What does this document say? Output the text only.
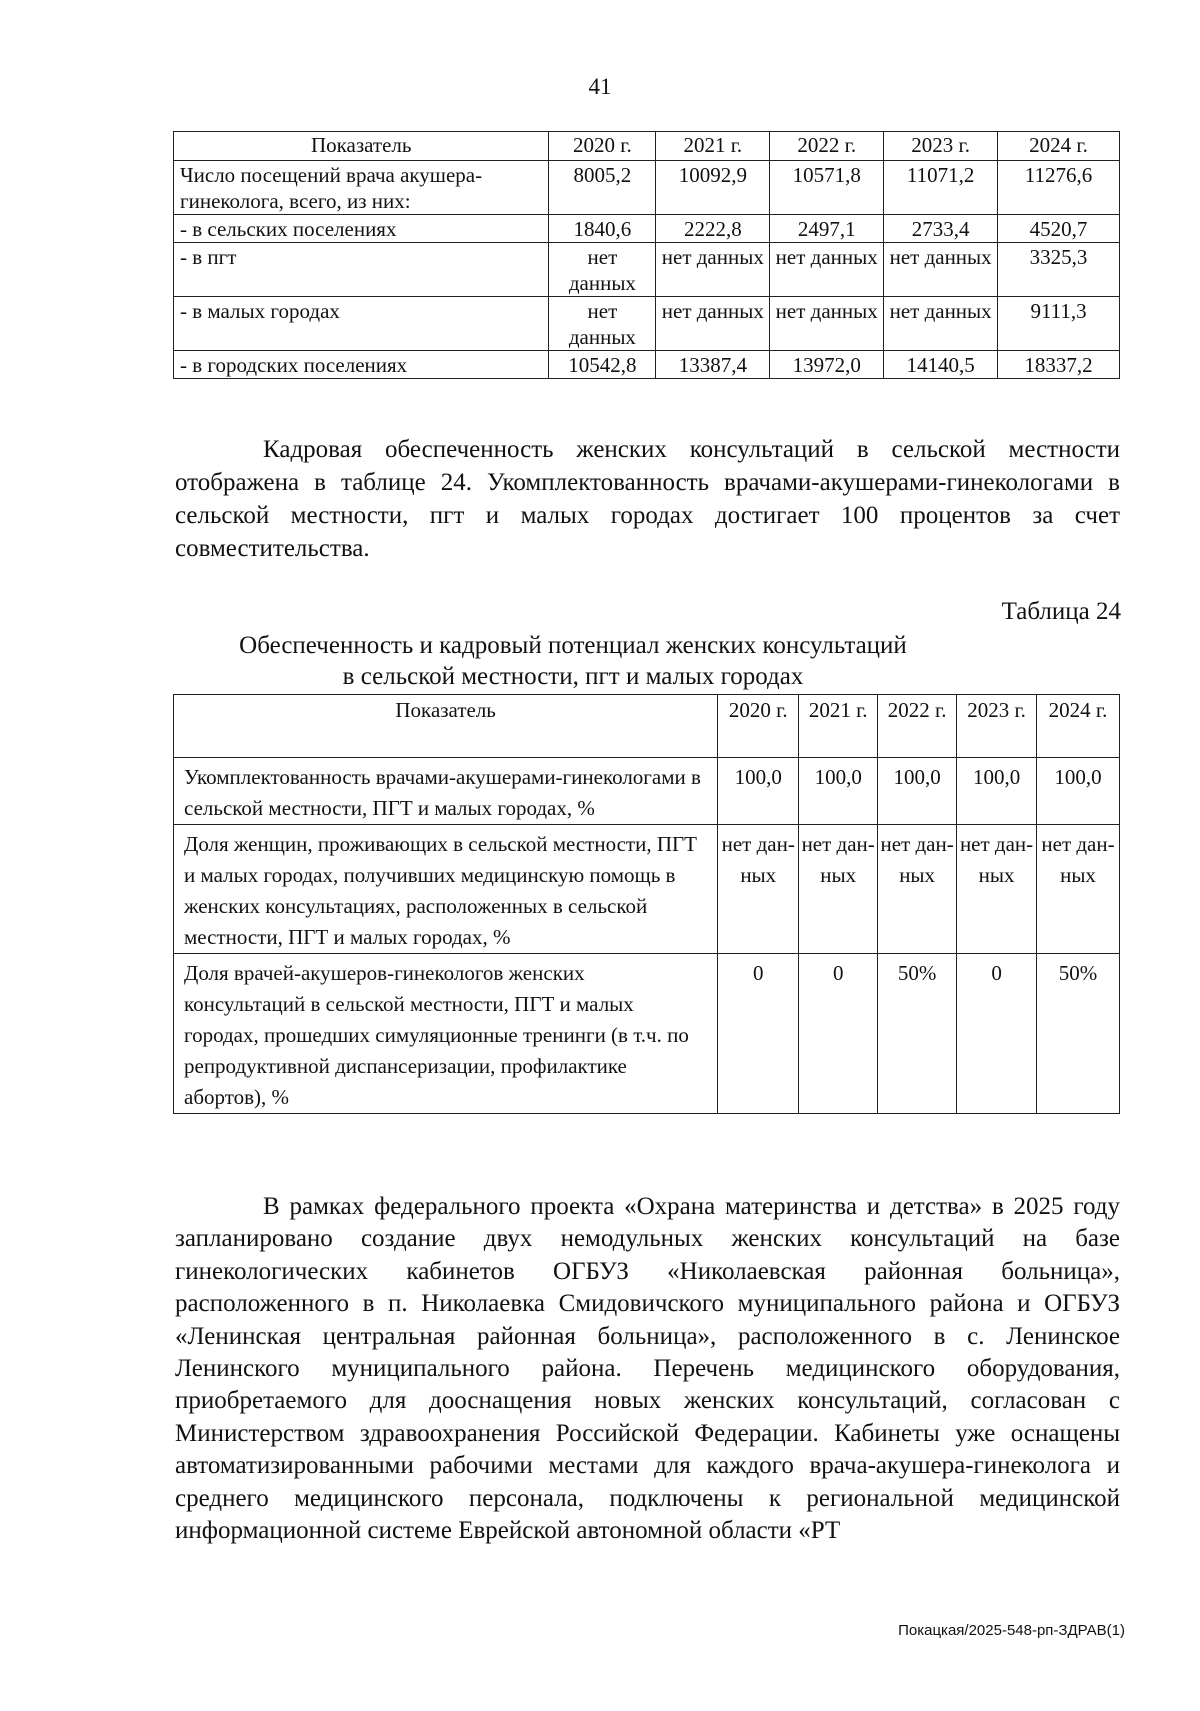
41
Показатель	2020 г.	2021 г.	2022 г.	2023 г.	2024 г.
Число посещений врача акушера-гинеколога, всего, из них:	8005,2	10092,9	10571,8	11071,2	11276,6
- в сельских поселениях	1840,6	2222,8	2497,1	2733,4	4520,7
- в пгт	нет данных	нет данных	нет данных	нет данных	3325,3
- в малых городах	нет данных	нет данных	нет данных	нет данных	9111,3
- в городских поселениях	10542,8	13387,4	13972,0	14140,5	18337,2

Кадровая обеспеченность женских консультаций в сельской местности отображена в таблице 24. Укомплектованность врачами-акушерами-гинекологами в сельской местности, пгт и малых городах достигает 100 процентов за счет совместительства.

Таблица 24
Обеспеченность и кадровый потенциал женских консультаций
в сельской местности, пгт и малых городах
Показатель	2020 г.	2021 г.	2022 г.	2023 г.	2024 г.
Укомплектованность врачами-акушерами-гинекологами в сельской местности, ПГТ и малых городах, %	100,0	100,0	100,0	100,0	100,0
Доля женщин, проживающих в сельской местности, ПГТ и малых городах, получивших медицинскую помощь в женских консультациях, расположенных в сельской местности, ПГТ и малых городах, %	нет дан-ных	нет дан-ных	нет дан-ных	нет дан-ных	нет дан-ных
Доля врачей-акушеров-гинекологов женских консультаций в сельской местности, ПГТ и малых городах, прошедших симуляционные тренинги (в т.ч. по репродуктивной диспансеризации, профилактике абортов), %	0	0	50%	0	50%

В рамках федерального проекта «Охрана материнства и детства» в 2025 году запланировано создание двух немодульных женских консультаций на базе гинекологических кабинетов ОГБУЗ «Николаевская районная больница», расположенного в п. Николаевка Смидовичского муниципального района и ОГБУЗ «Ленинская центральная районная больница», расположенного в с. Ленинское Ленинского муниципального района. Перечень медицинского оборудования, приобретаемого для дооснащения новых женских консультаций, согласован с Министерством здравоохранения Российской Федерации. Кабинеты уже оснащены автоматизированными рабочими местами для каждого врача-акушера-гинеколога и среднего медицинского персонала, подключены к региональной медицинской информационной системе Еврейской автономной области «РТ

Покацкая/2025-548-рп-ЗДРАВ(1)
